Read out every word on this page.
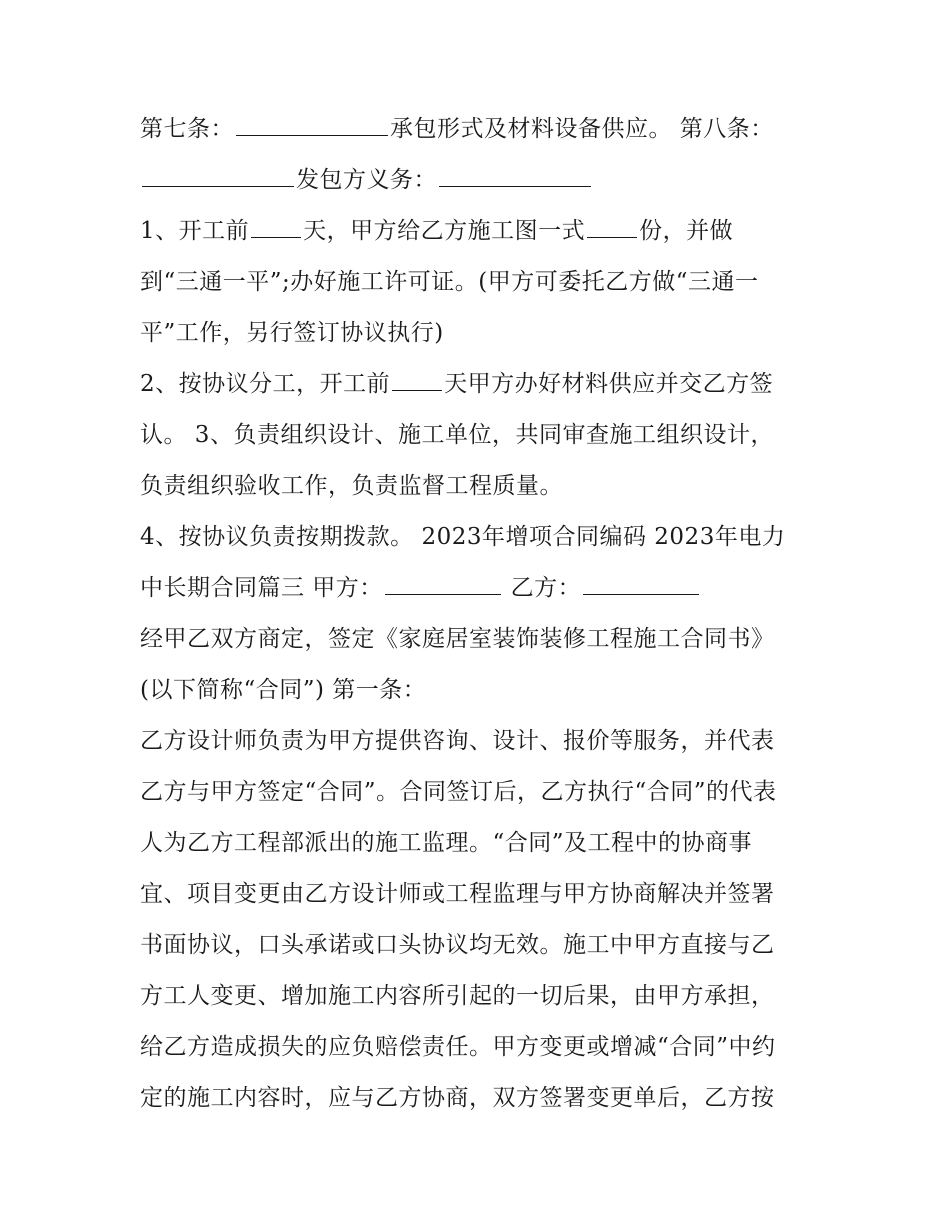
第七条：	承包形式及材料设备供应。 第八条：
发包方义务：
1、开工前 天，甲方给乙方施工图一式 份，并做
到“三通一平”;办好施工许可证。(甲方可委托乙方做“三通一
平”工作，另行签订协议执行)
2、按协议分工，开工前 天甲方办好材料供应并交乙方签
认。 3、负责组织设计、施工单位，共同审查施工组织设计，
负责组织验收工作，负责监督工程质量。
4、按协议负责按期拨款。 2023年增项合同编码 2023年电力
中长期合同篇三 甲方：	乙方：
经甲乙双方商定，签定《家庭居室装饰装修工程施工合同书》
(以下简称“合同”) 第一条：
乙方设计师负责为甲方提供咨询、设计、报价等服务，并代表
乙方与甲方签定“合同”。合同签订后，乙方执行“合同”的代表
人为乙方工程部派出的施工监理。“合同”及工程中的协商事
宜、项目变更由乙方设计师或工程监理与甲方协商解决并签署
书面协议，口头承诺或口头协议均无效。施工中甲方直接与乙
方工人变更、增加施工内容所引起的一切后果，由甲方承担，
给乙方造成损失的应负赔偿责任。甲方变更或增减“合同”中约
定的施工内容时，应与乙方协商，双方签署变更单后，乙方按
